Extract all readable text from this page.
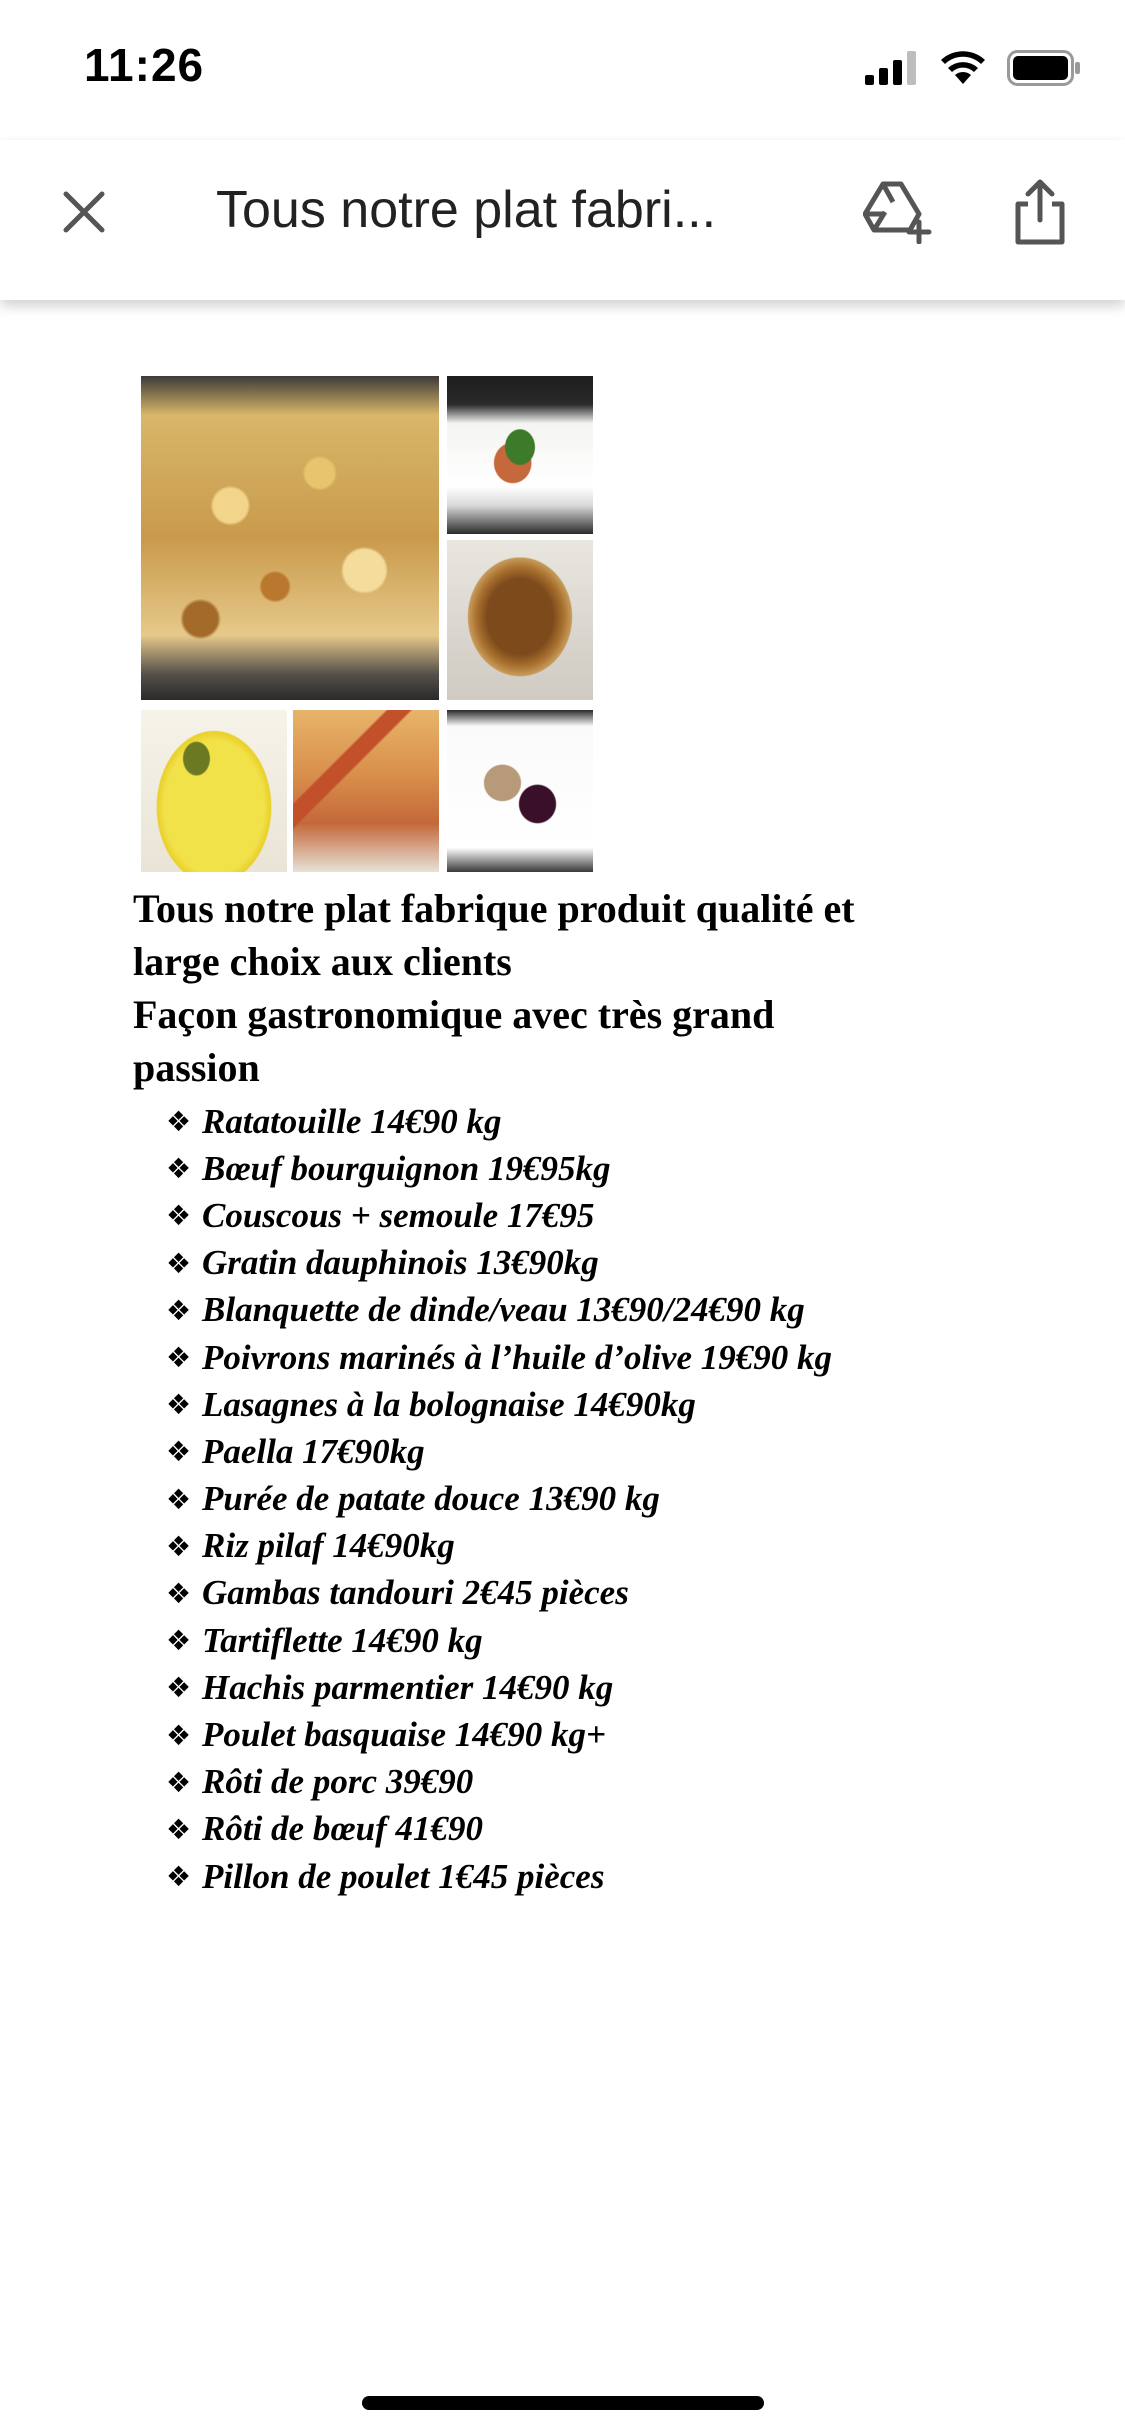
11:26
Tous notre plat fabri...

Tous notre plat fabrique produit qualité et
large choix aux clients
Façon gastronomique avec très grand
passion

❖ Ratatouille 14€90 kg
❖ Bœuf bourguignon 19€95kg
❖ Couscous + semoule 17€95
❖ Gratin dauphinois 13€90kg
❖ Blanquette de dinde/veau 13€90/24€90 kg
❖ Poivrons marinés à l’huile d’olive 19€90 kg
❖ Lasagnes à la bolognaise 14€90kg
❖ Paella 17€90kg
❖ Purée de patate douce 13€90 kg
❖ Riz pilaf 14€90kg
❖ Gambas tandouri 2€45 pièces
❖ Tartiflette 14€90 kg
❖ Hachis parmentier 14€90 kg
❖ Poulet basquaise 14€90 kg+
❖ Rôti de porc 39€90
❖ Rôti de bœuf 41€90
❖ Pillon de poulet 1€45 pièces
